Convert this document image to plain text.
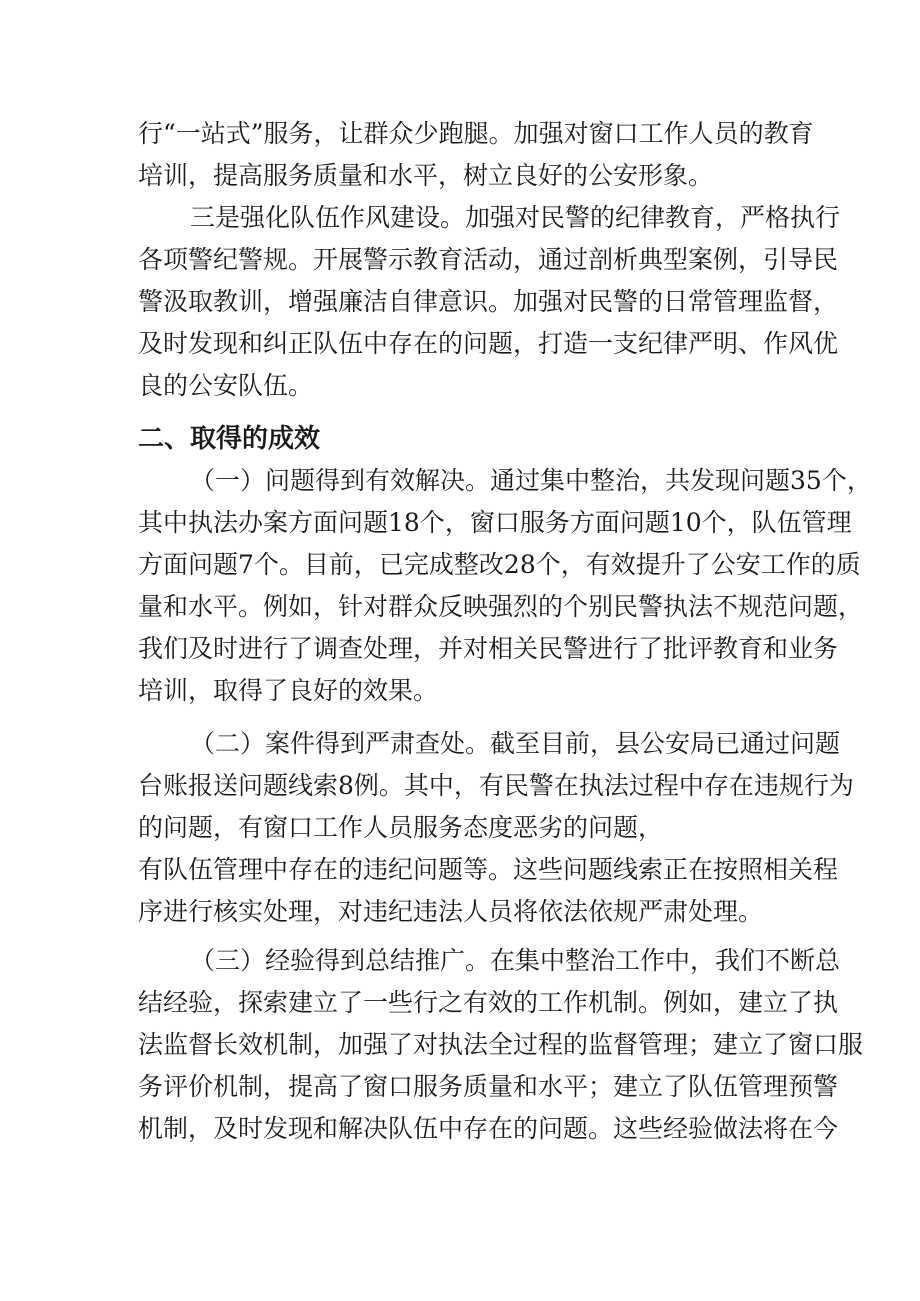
行“一站式”服务，让群众少跑腿。加强对窗口工作人员的教育
培训，提高服务质量和水平，树立良好的公安形象。
三是强化队伍作风建设。加强对民警的纪律教育，严格执行
各项警纪警规。开展警示教育活动，通过剖析典型案例，引导民
警汲取教训，增强廉洁自律意识。加强对民警的日常管理监督，
及时发现和纠正队伍中存在的问题，打造一支纪律严明、作风优
良的公安队伍。
二、取得的成效
（一）问题得到有效解决。通过集中整治，共发现问题35个，
其中执法办案方面问题18个，窗口服务方面问题10个，队伍管理
方面问题7个。目前，已完成整改28个，有效提升了公安工作的质
量和水平。例如，针对群众反映强烈的个别民警执法不规范问题，
我们及时进行了调查处理，并对相关民警进行了批评教育和业务
培训，取得了良好的效果。
（二）案件得到严肃查处。截至目前，县公安局已通过问题
台账报送问题线索8例。其中，有民警在执法过程中存在违规行为
的问题，有窗口工作人员服务态度恶劣的问题，
有队伍管理中存在的违纪问题等。这些问题线索正在按照相关程
序进行核实处理，对违纪违法人员将依法依规严肃处理。
（三）经验得到总结推广。在集中整治工作中，我们不断总
结经验，探索建立了一些行之有效的工作机制。例如，建立了执
法监督长效机制，加强了对执法全过程的监督管理；建立了窗口服
务评价机制，提高了窗口服务质量和水平；建立了队伍管理预警
机制，及时发现和解决队伍中存在的问题。这些经验做法将在今
